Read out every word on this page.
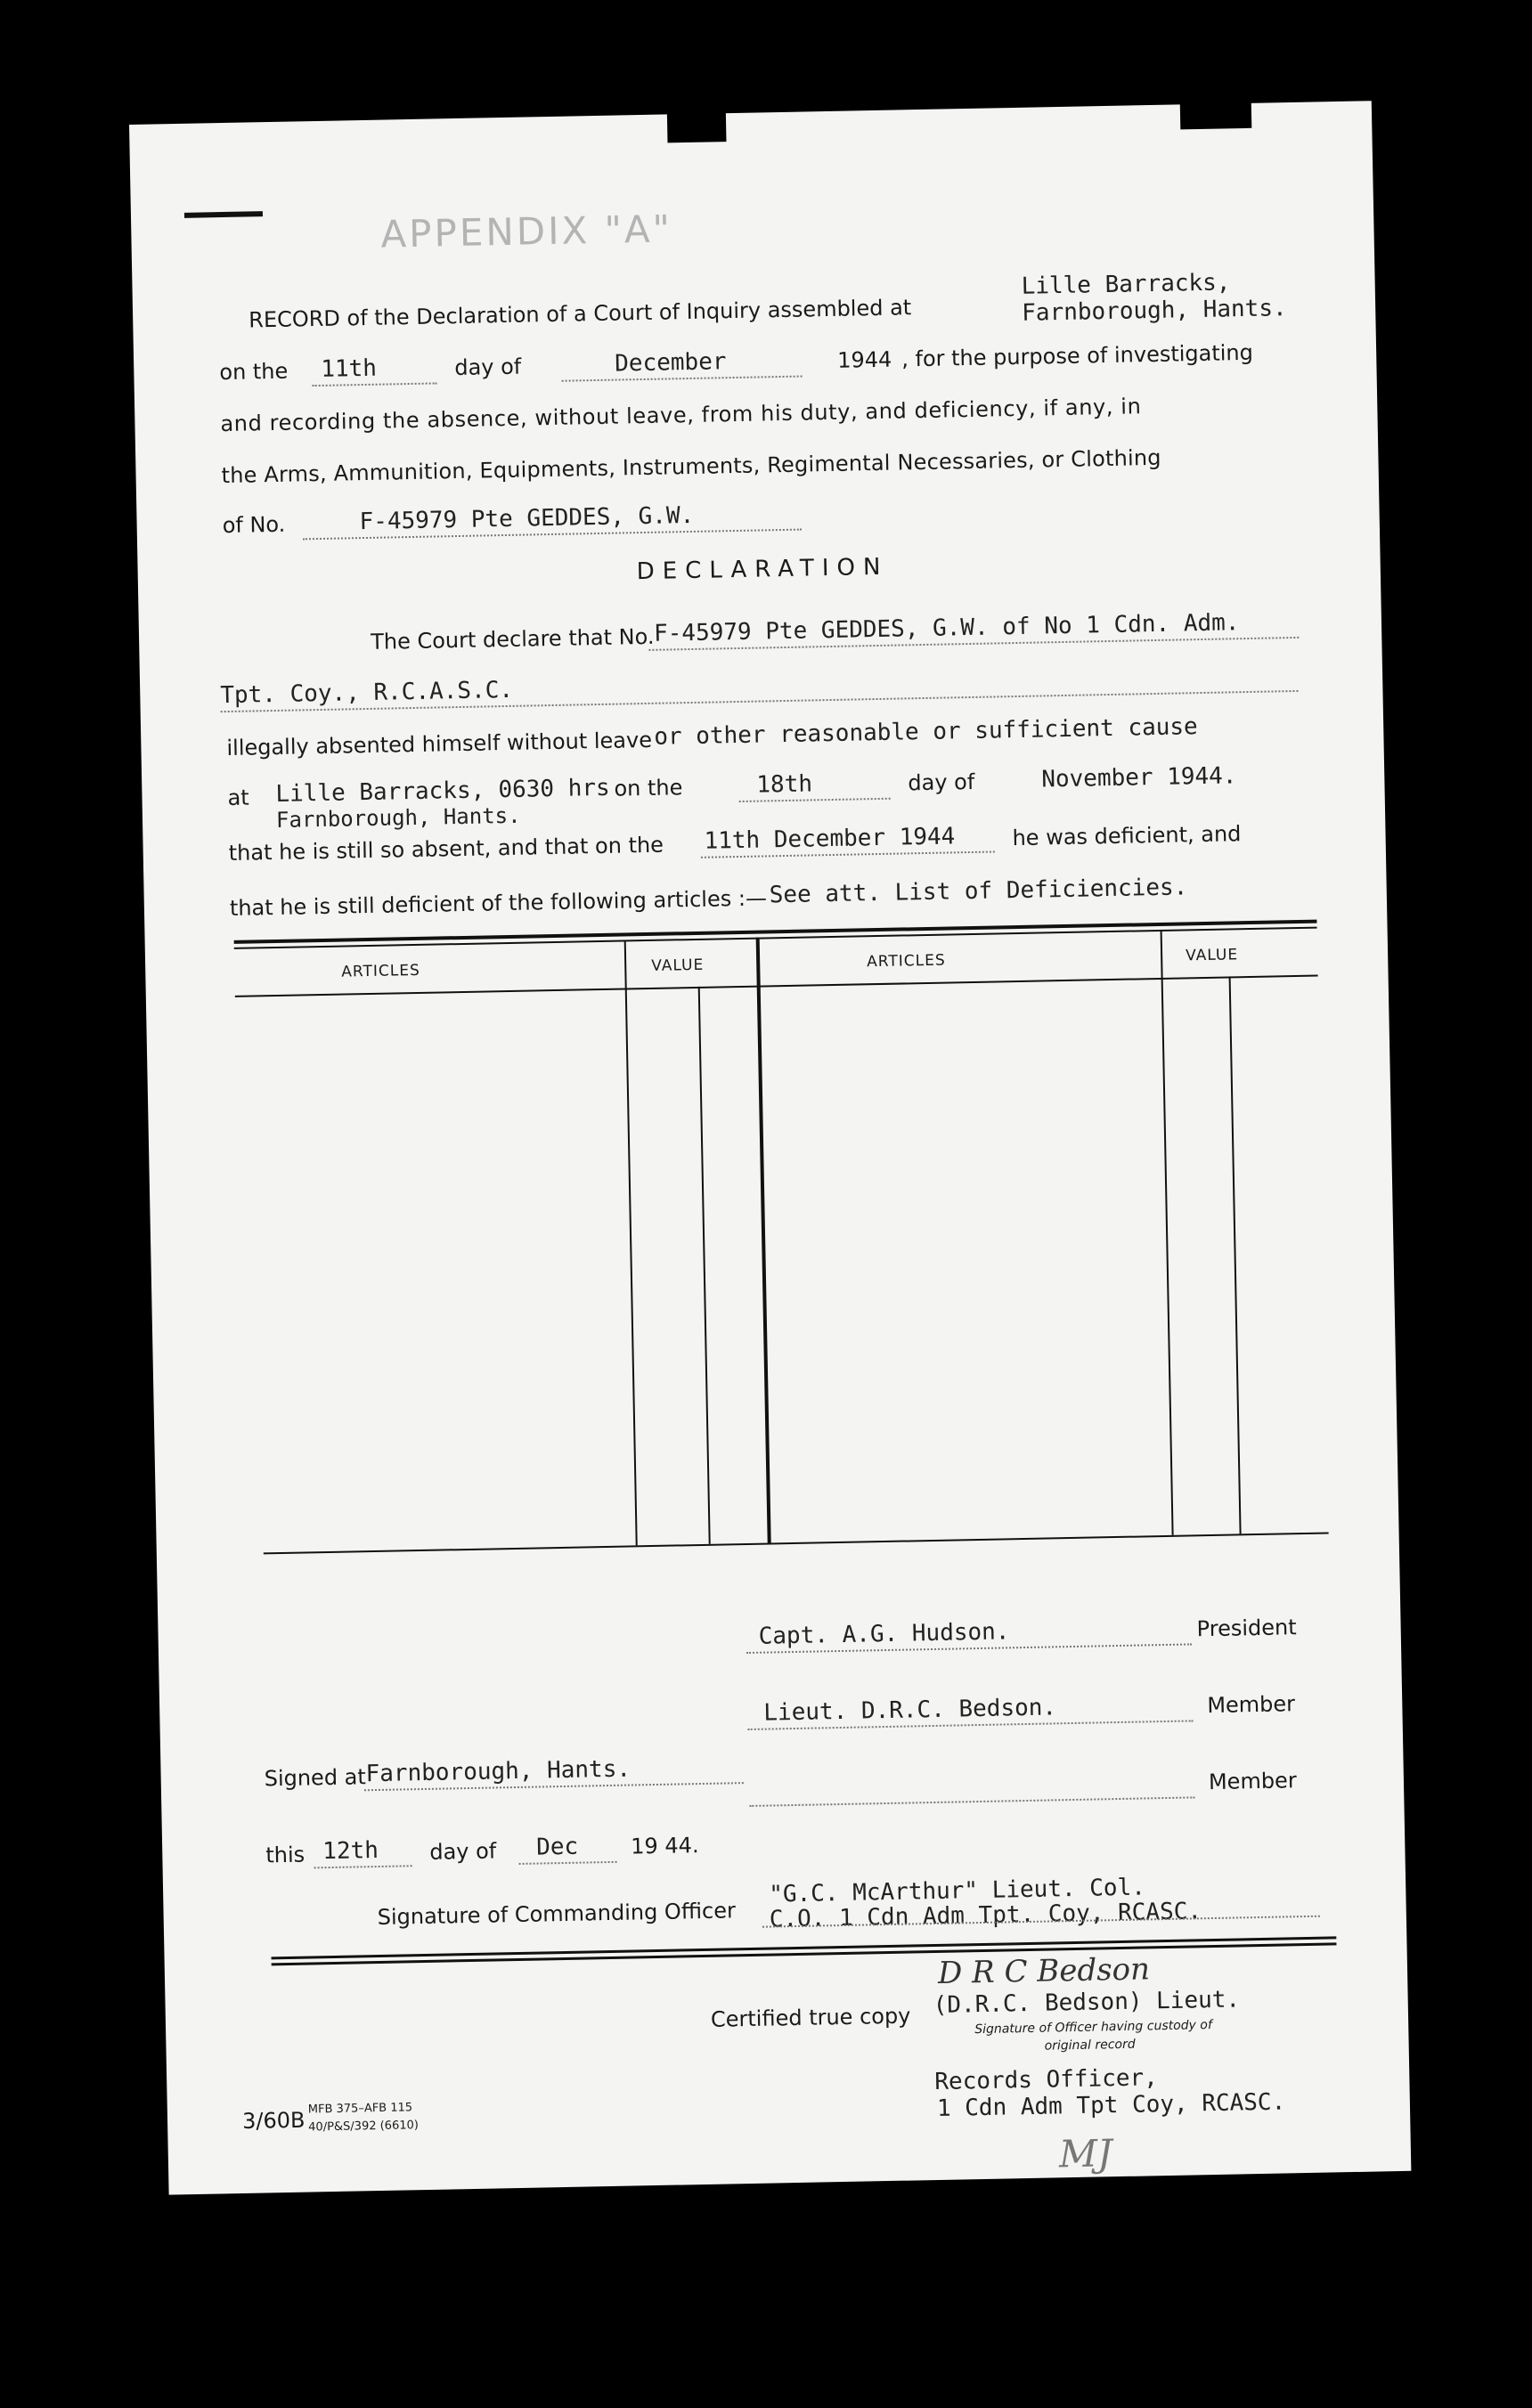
APPENDIX "A"
RECORD of the Declaration of a Court of Inquiry assembled at
Lille Barracks,
Farnborough, Hants.
on the 11th	day of	December	1944 , for the purpose of investigating
and recording the absence, without leave, from his duty, and deficiency, if any, in
the Arms, Ammunition, Equipments, Instruments, Regimental Necessaries, or Clothing
of No.	F-45979 Pte GEDDES, G.W.
DECLARATION
The Court declare that No. F-45979 Pte GEDDES, G.W. of No 1 Cdn. Adm.
Tpt. Coy., R.C.A.S.C.
illegally absented himself without leave or other reasonable or sufficient cause
at Lille Barracks,
Farnborough, Hants.
0630 hrs on the	18th	day of	November 1944.
that he is still so absent, and that on the 11th December 1944	he was deficient, and
that he is still deficient of the following articles :— See att. List of Deficiencies.
ARTICLES	VALUE	ARTICLES	VALUE
Capt. A.G. Hudson.	President
Lieut. D.R.C. Bedson.	Member
Signed at Farnborough, Hants.	Member
this 12th day of Dec 19 44.
Signature of Commanding Officer
"G.C. McArthur" Lieut. Col.
C.O. 1 Cdn Adm Tpt. Coy, RCASC.
Certified true copy
D R C Bedson
(D.R.C. Bedson) Lieut.
Signature of Officer having custody of
original record
Records Officer,
1 Cdn Adm Tpt Coy, RCASC.
MJ
3/60B MFB 375–AFB 115
40/P&S/392 (6610)
